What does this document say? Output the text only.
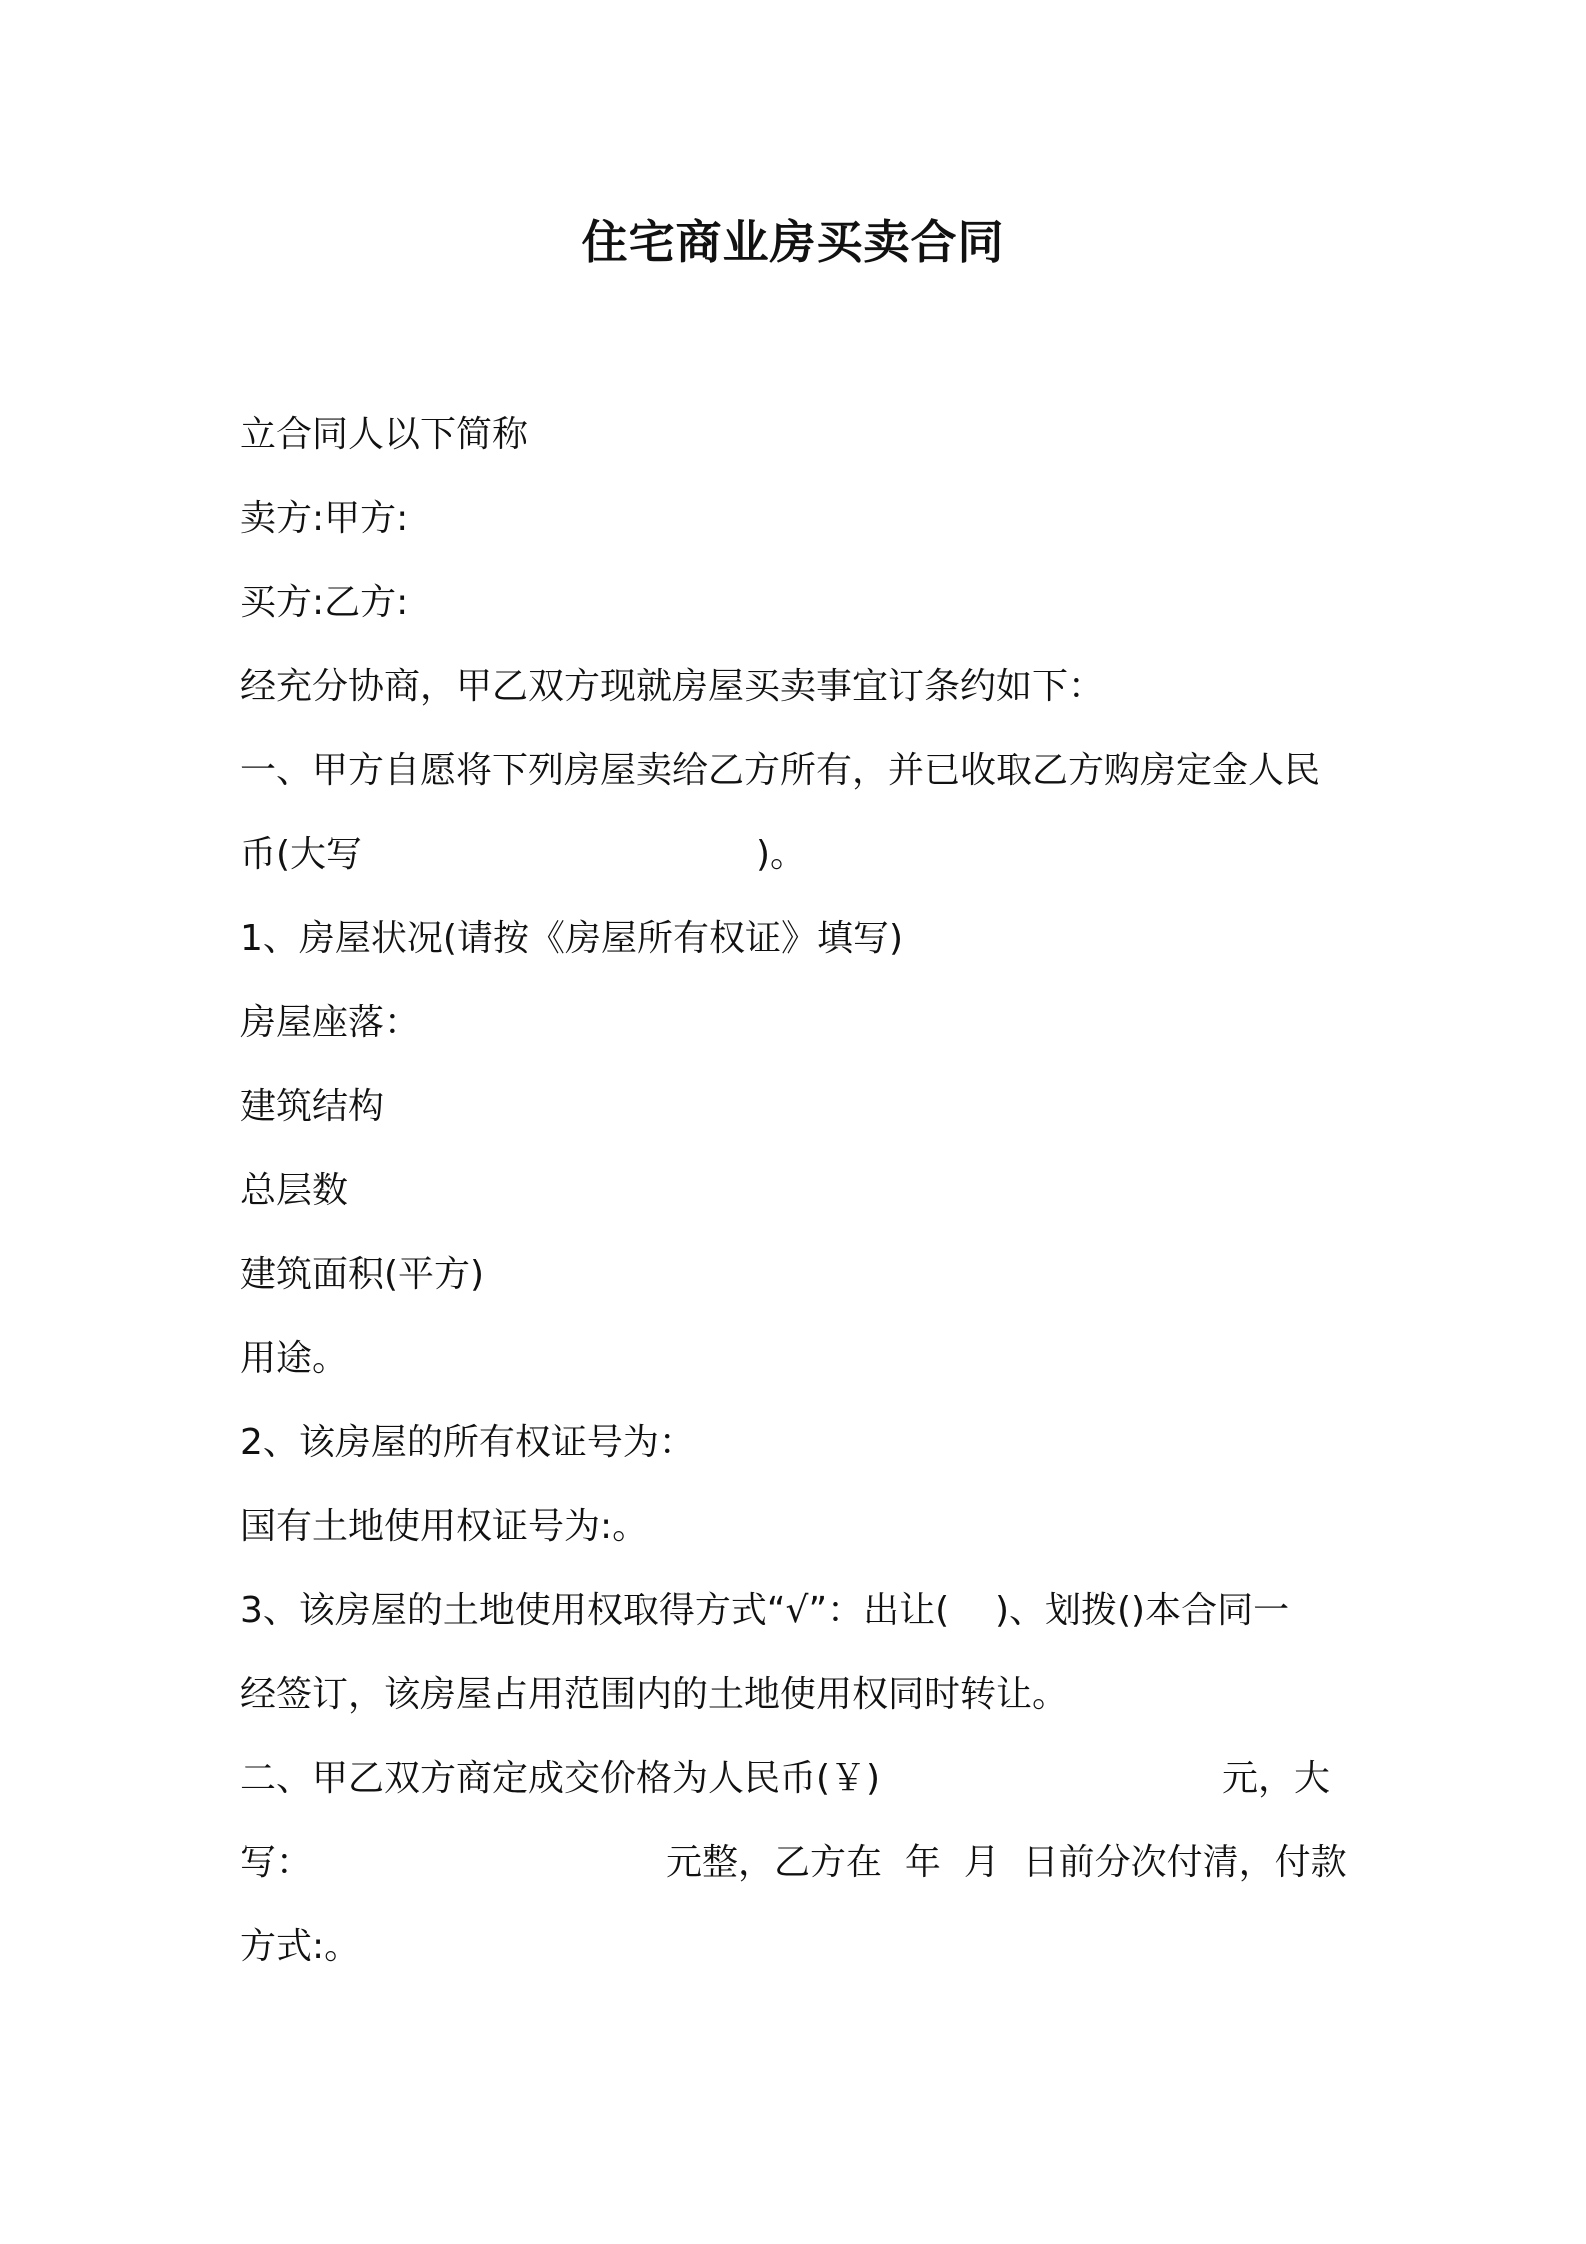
住宅商业房买卖合同
立合同人以下简称
卖方:甲方:
买方:乙方:
经充分协商，甲乙双方现就房屋买卖事宜订条约如下：
一、甲方自愿将下列房屋卖给乙方所有，并已收取乙方购房定金人民
币(大写	)。
1、房屋状况(请按《房屋所有权证》填写)
房屋座落：
建筑结构
总层数
建筑面积(平方)
用途。
2、该房屋的所有权证号为：
国有土地使用权证号为:。
3、该房屋的土地使用权取得方式“√”：出让(    )、划拨()本合同一
经签订，该房屋占用范围内的土地使用权同时转让。
二、甲乙双方商定成交价格为人民币(￥)	元，大
写：	元整，乙方在  年  月  日前分次付清，付款
方式:。
